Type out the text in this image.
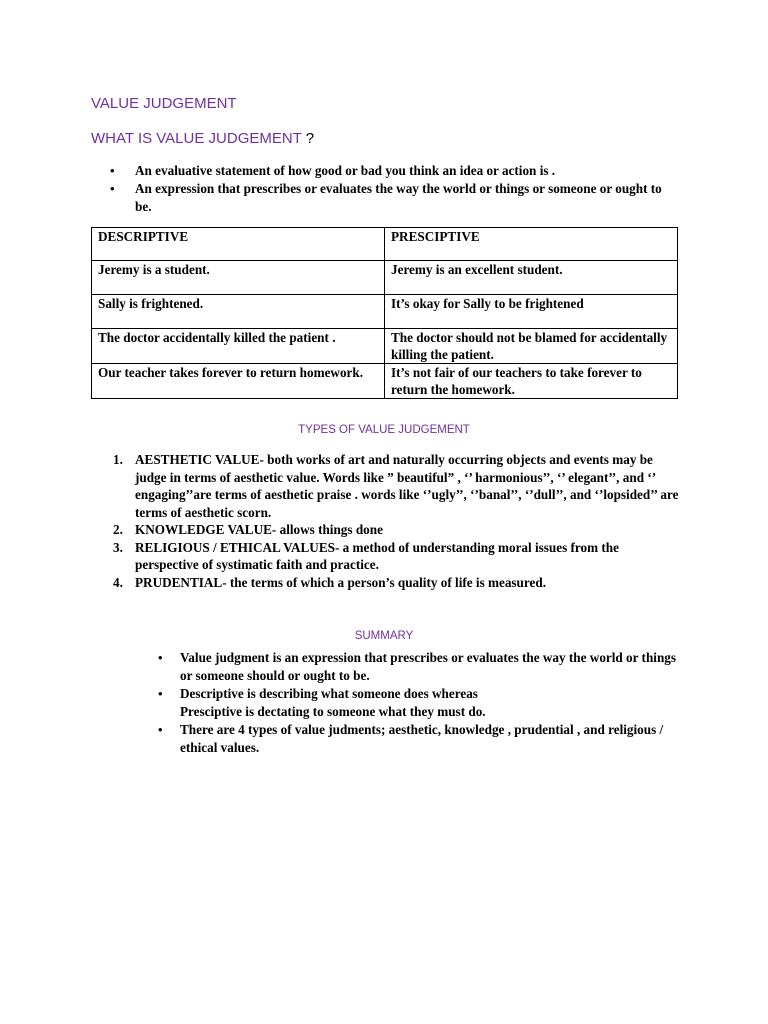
VALUE JUDGEMENT
WHAT IS VALUE JUDGEMENT ?
• An evaluative statement of how good or bad you think an idea or action is .
• An expression that prescribes or evaluates the way the world or things or someone or ought to be.
DESCRIPTIVE	PRESCIPTIVE
Jeremy is a student.	Jeremy is an excellent student.
Sally is frightened.	It’s okay for Sally to be frightened
The doctor accidentally killed the patient .	The doctor should not be blamed for accidentally killing the patient.
Our teacher takes forever to return homework.	It’s not fair of our teachers to take forever to return the homework.
TYPES OF VALUE JUDGEMENT
1. AESTHETIC VALUE- both works of art and naturally occurring objects and events may be judge in terms of aesthetic value. Words like ” beautiful” , ‘’ harmonious’’, ‘’ elegant’’, and ‘’ engaging’’are terms of aesthetic praise . words like ‘’ugly’’, ‘’banal’’, ‘’dull’’, and ‘’lopsided’’ are terms of aesthetic scorn.
2. KNOWLEDGE VALUE- allows things done
3. RELIGIOUS / ETHICAL VALUES- a method of understanding moral issues from the perspective of systimatic faith and practice.
4. PRUDENTIAL- the terms of which a person’s quality of life is measured.
SUMMARY
• Value judgment is an expression that prescribes or evaluates the way the world or things or someone should or ought to be.
• Descriptive is describing what someone does whereas
Presciptive is dectating to someone what they must do.
• There are 4 types of value judments; aesthetic, knowledge , prudential , and religious / ethical values.
